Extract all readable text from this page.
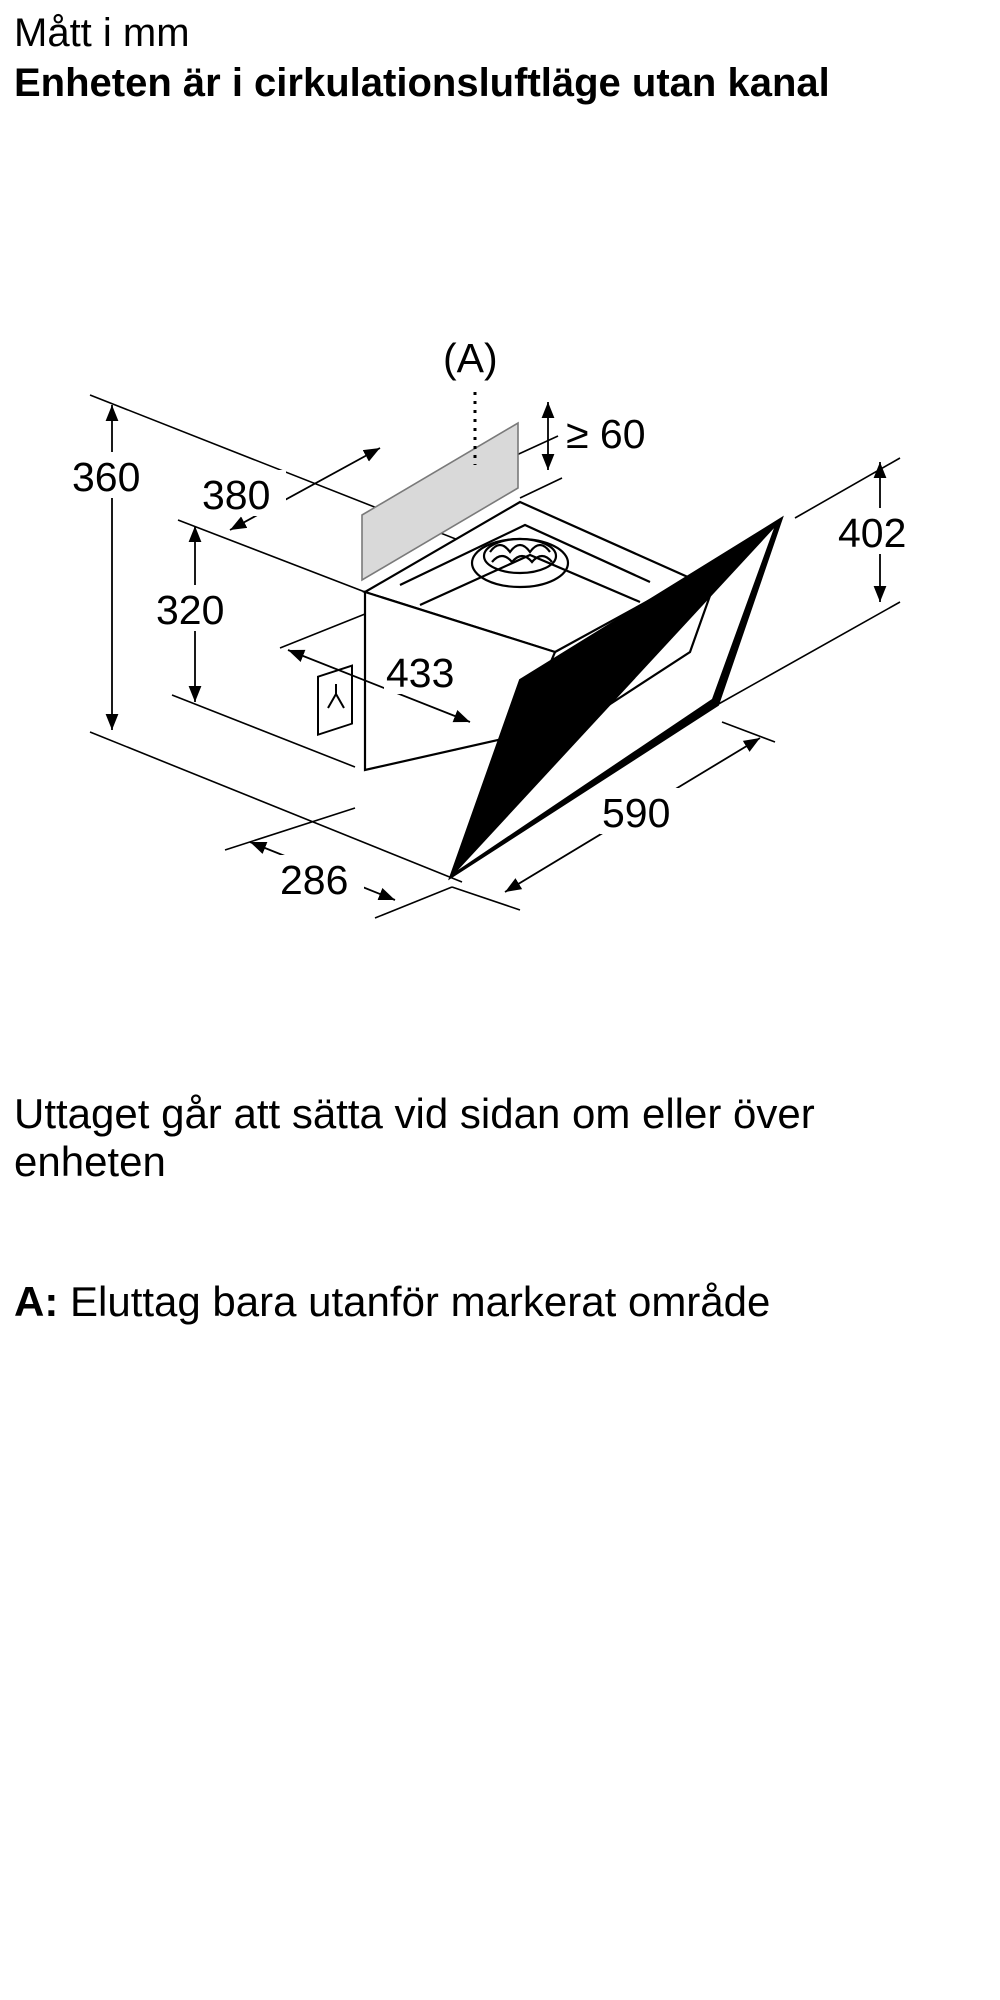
Mått i mm
Enheten är i cirkulationsluftläge utan kanal
(A)
360 380
≥ 60
320
402
433
590
286

Uttaget går att sätta vid sidan om eller över enheten

A: Eluttag bara utanför markerat område
